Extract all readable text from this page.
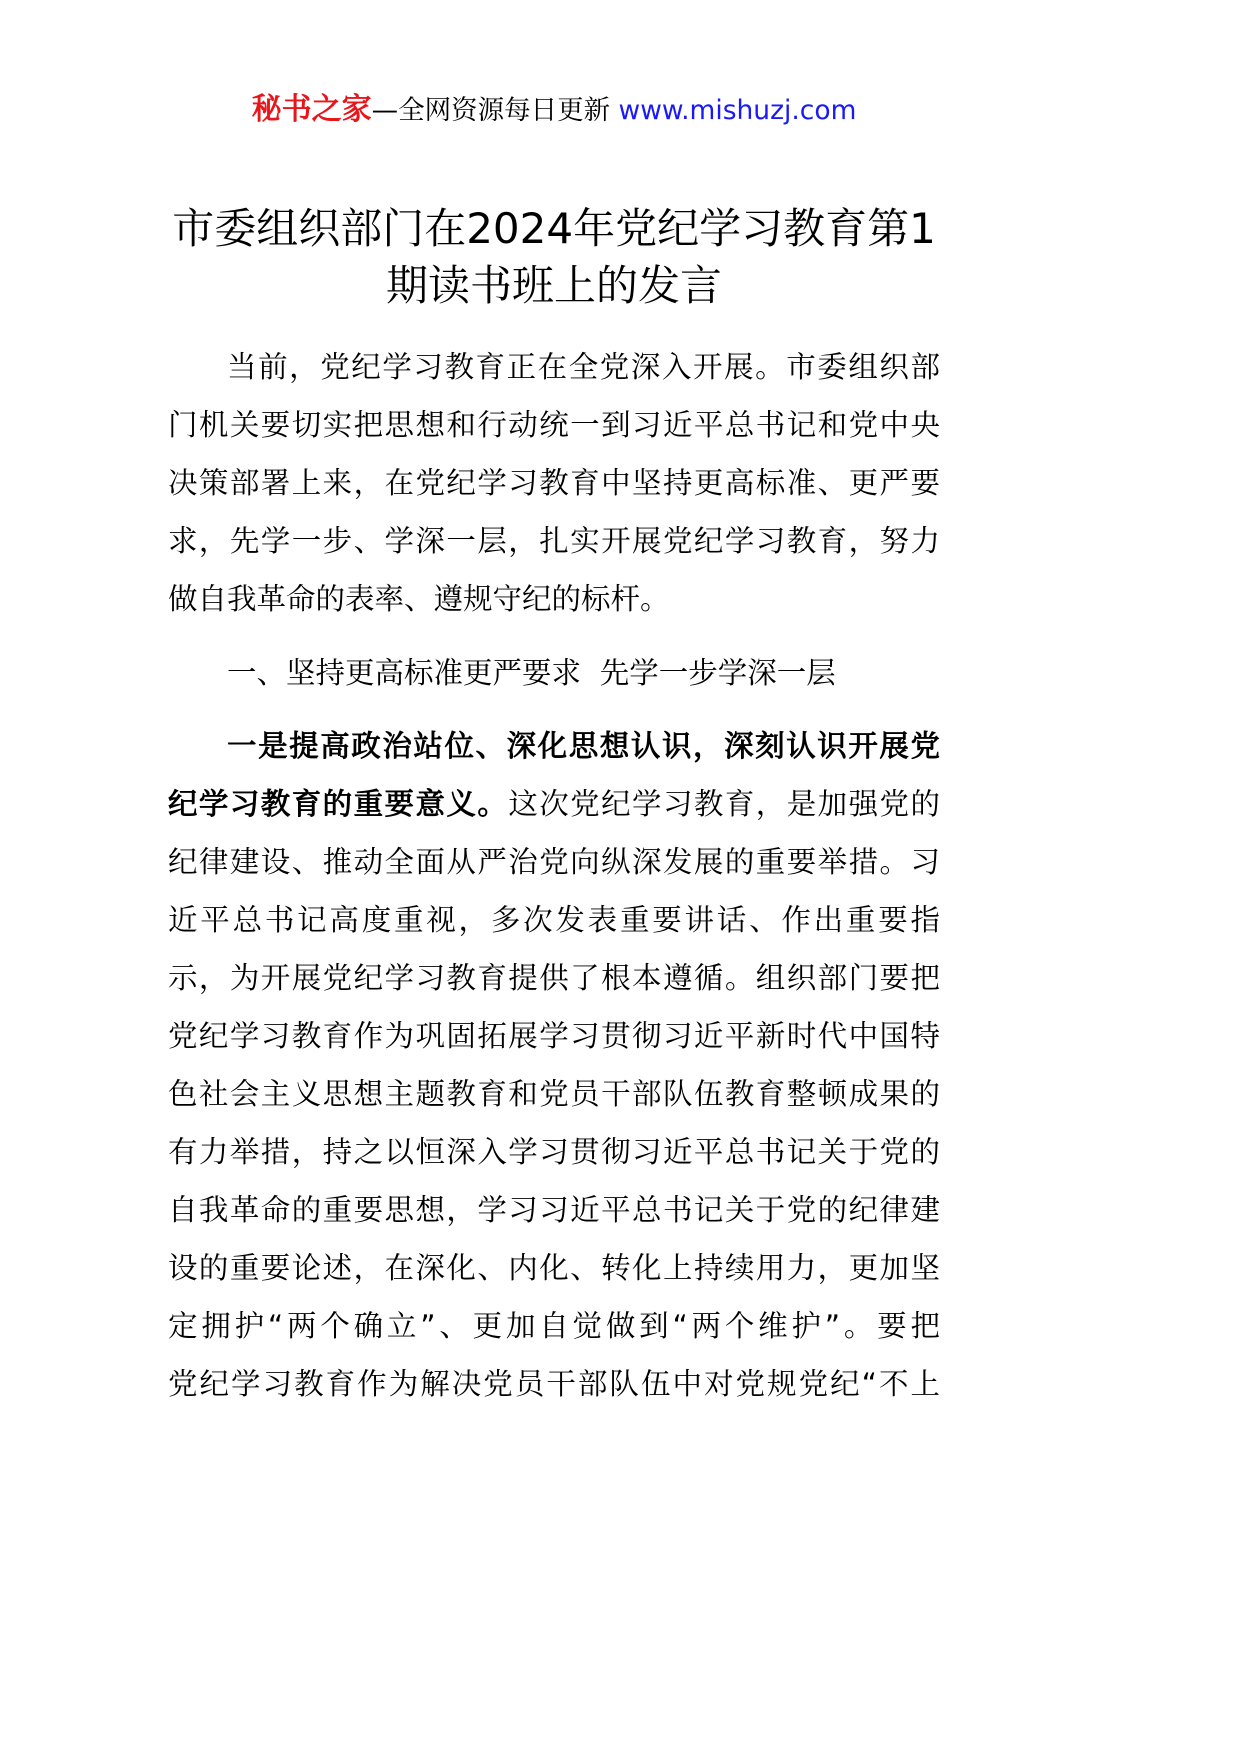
秘书之家—全网资源每日更新 www.mishuzj.com
市委组织部门在2024年党纪学习教育第1
期读书班上的发言
当前，党纪学习教育正在全党深入开展。市委组织部
门机关要切实把思想和行动统一到习近平总书记和党中央
决策部署上来，在党纪学习教育中坚持更高标准、更严要
求，先学一步、学深一层，扎实开展党纪学习教育，努力
做自我革命的表率、遵规守纪的标杆。
一、坚持更高标准更严要求  先学一步学深一层
一是提高政治站位、深化思想认识，深刻认识开展党
纪学习教育的重要意义。这次党纪学习教育，是加强党的
纪律建设、推动全面从严治党向纵深发展的重要举措。习
近平总书记高度重视，多次发表重要讲话、作出重要指
示，为开展党纪学习教育提供了根本遵循。组织部门要把
党纪学习教育作为巩固拓展学习贯彻习近平新时代中国特
色社会主义思想主题教育和党员干部队伍教育整顿成果的
有力举措，持之以恒深入学习贯彻习近平总书记关于党的
自我革命的重要思想，学习习近平总书记关于党的纪律建
设的重要论述，在深化、内化、转化上持续用力，更加坚
定拥护“两个确立”、更加自觉做到“两个维护”。要把
党纪学习教育作为解决党员干部队伍中对党规党纪“不上
